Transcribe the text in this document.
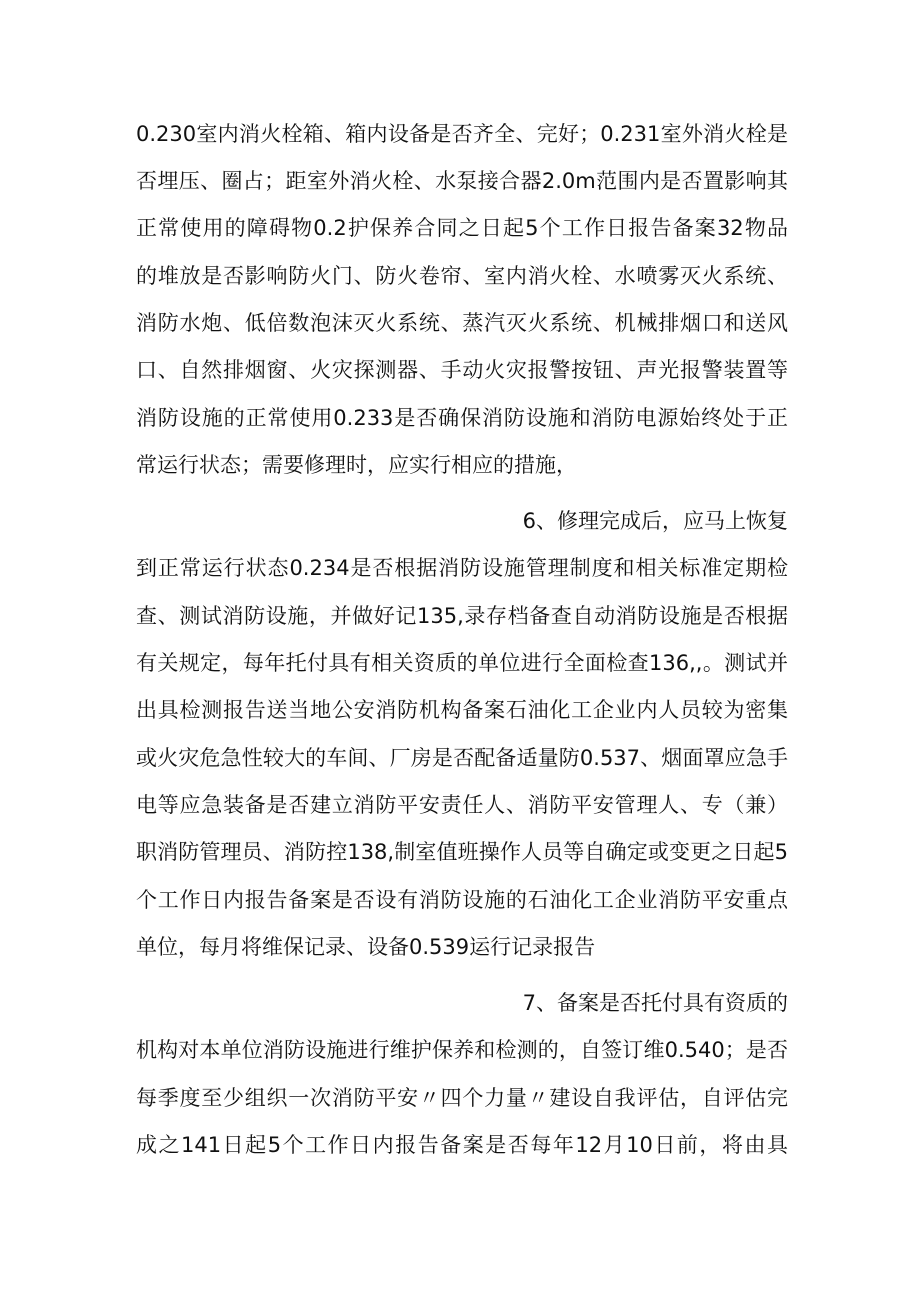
0.230室内消火栓箱、箱内设备是否齐全、完好；0.231室外消火栓是
否埋压、圈占；距室外消火栓、水泵接合器2.0m范围内是否置影响其
正常使用的障碍物0.2护保养合同之日起5个工作日报告备案32物品
的堆放是否影响防火门、防火卷帘、室内消火栓、水喷雾灭火系统、
消防水炮、低倍数泡沫灭火系统、蒸汽灭火系统、机械排烟口和送风
口、自然排烟窗、火灾探测器、手动火灾报警按钮、声光报警装置等
消防设施的正常使用0.233是否确保消防设施和消防电源始终处于正
常运行状态；需要修理时，应实行相应的措施，
6、修理完成后，应马上恢复
到正常运行状态0.234是否根据消防设施管理制度和相关标准定期检
查、测试消防设施，并做好记135,录存档备查自动消防设施是否根据
有关规定，每年托付具有相关资质的单位进行全面检查136,,。测试并
出具检测报告送当地公安消防机构备案石油化工企业内人员较为密集
或火灾危急性较大的车间、厂房是否配备适量防0.537、烟面罩应急手
电等应急装备是否建立消防平安责任人、消防平安管理人、专（兼）
职消防管理员、消防控138,制室值班操作人员等自确定或变更之日起5
个工作日内报告备案是否设有消防设施的石油化工企业消防平安重点
单位，每月将维保记录、设备0.539运行记录报告
7、备案是否托付具有资质的
机构对本单位消防设施进行维护保养和检测的，自签订维0.540；是否
每季度至少组织一次消防平安〃四个力量〃建设自我评估，自评估完
成之141日起5个工作日内报告备案是否每年12月10日前，将由具
